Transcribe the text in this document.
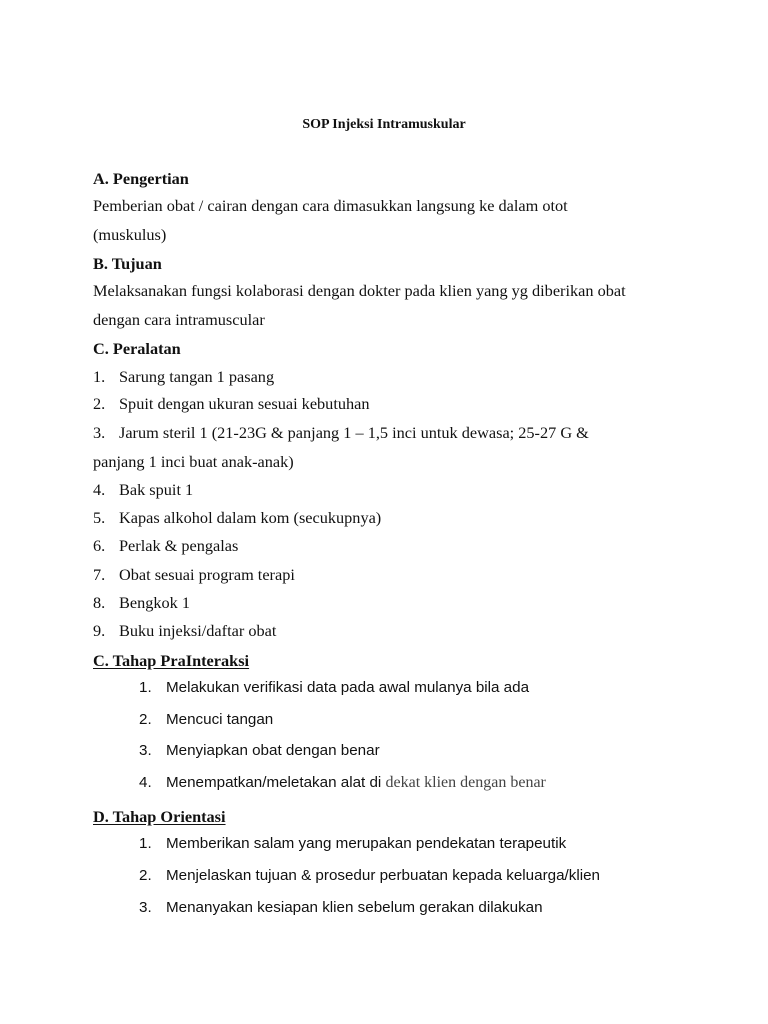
SOP Injeksi Intramuskular
A. Pengertian
Pemberian obat / cairan dengan cara dimasukkan langsung ke dalam otot
(muskulus)
B. Tujuan
Melaksanakan fungsi kolaborasi dengan dokter pada klien yang yg diberikan obat
dengan cara intramuscular
C. Peralatan
1. Sarung tangan 1 pasang
2. Spuit dengan ukuran sesuai kebutuhan
3. Jarum steril 1 (21-23G & panjang 1 – 1,5 inci untuk dewasa; 25-27 G &
panjang 1 inci buat anak-anak)
4. Bak spuit 1
5. Kapas alkohol dalam kom (secukupnya)
6. Perlak & pengalas
7. Obat sesuai program terapi
8. Bengkok 1
9. Buku injeksi/daftar obat
C. Tahap PraInteraksi
1. Melakukan verifikasi data pada awal mulanya bila ada
2. Mencuci tangan
3. Menyiapkan obat dengan benar
4. Menempatkan/meletakan alat di dekat klien dengan benar
D. Tahap Orientasi
1. Memberikan salam yang merupakan pendekatan terapeutik
2. Menjelaskan tujuan & prosedur perbuatan kepada keluarga/klien
3. Menanyakan kesiapan klien sebelum gerakan dilakukan
